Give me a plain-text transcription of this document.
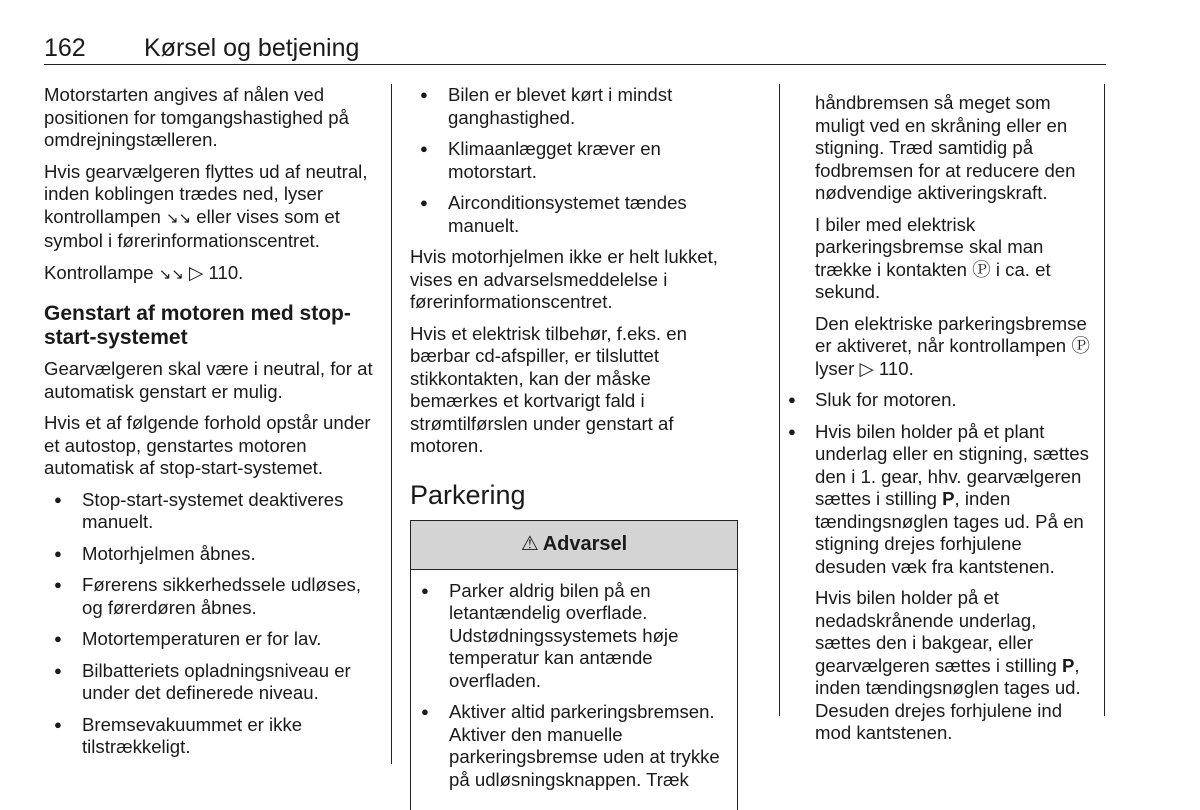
162 Kørsel og betjening

Motorstarten angives af nålen ved positionen for tomgangshastighed på omdrejningstælleren.

Hvis gearvælgeren flyttes ud af neutral, inden koblingen trædes ned, lyser kontrollampen ↘↘ eller vises som et symbol i førerinformationscentret.

Kontrollampe ↘↘ ▷ 110.

Genstart af motoren med stop-start-systemet

Gearvælgeren skal være i neutral, for at automatisk genstart er mulig.

Hvis et af følgende forhold opstår under et autostop, genstartes motoren automatisk af stop-start-systemet.

● Stop-start-systemet deaktiveres manuelt.
● Motorhjelmen åbnes.
● Førerens sikkerhedssele udløses, og førerdøren åbnes.
● Motortemperaturen er for lav.
● Bilbatteriets opladningsniveau er under det definerede niveau.
● Bremsevakuummet er ikke tilstrækkeligt.
● Bilen er blevet kørt i mindst ganghastighed.
● Klimaanlægget kræver en motorstart.
● Airconditionsystemet tændes manuelt.

Hvis motorhjelmen ikke er helt lukket, vises en advarselsmeddelelse i førerinformationscentret.

Hvis et elektrisk tilbehør, f.eks. en bærbar cd-afspiller, er tilsluttet stikkontakten, kan der måske bemærkes et kortvarigt fald i strømtilførslen under genstart af motoren.

Parkering
⚠ Advarsel
● Parker aldrig bilen på en letantændelig overflade. Udstødningssystemets høje temperatur kan antænde overfladen.
● Aktiver altid parkeringsbremsen. Aktiver den manuelle parkeringsbremse uden at trykke på udløsningsknappen. Træk

håndbremsen så meget som muligt ved en skråning eller en stigning. Træd samtidig på fodbremsen for at reducere den nødvendige aktiveringskraft.

I biler med elektrisk parkeringsbremse skal man trække i kontakten Ⓟ i ca. et sekund.

Den elektriske parkeringsbremse er aktiveret, når kontrollampen Ⓟ lyser ▷ 110.

● Sluk for motoren.
● Hvis bilen holder på et plant underlag eller en stigning, sættes den i 1. gear, hhv. gearvælgeren sættes i stilling P, inden tændingsnøglen tages ud. På en stigning drejes forhjulene desuden væk fra kantstenen.

Hvis bilen holder på et nedadskrånende underlag, sættes den i bakgear, eller gearvælgeren sættes i stilling P, inden tændingsnøglen tages ud. Desuden drejes forhjulene ind mod kantstenen.
